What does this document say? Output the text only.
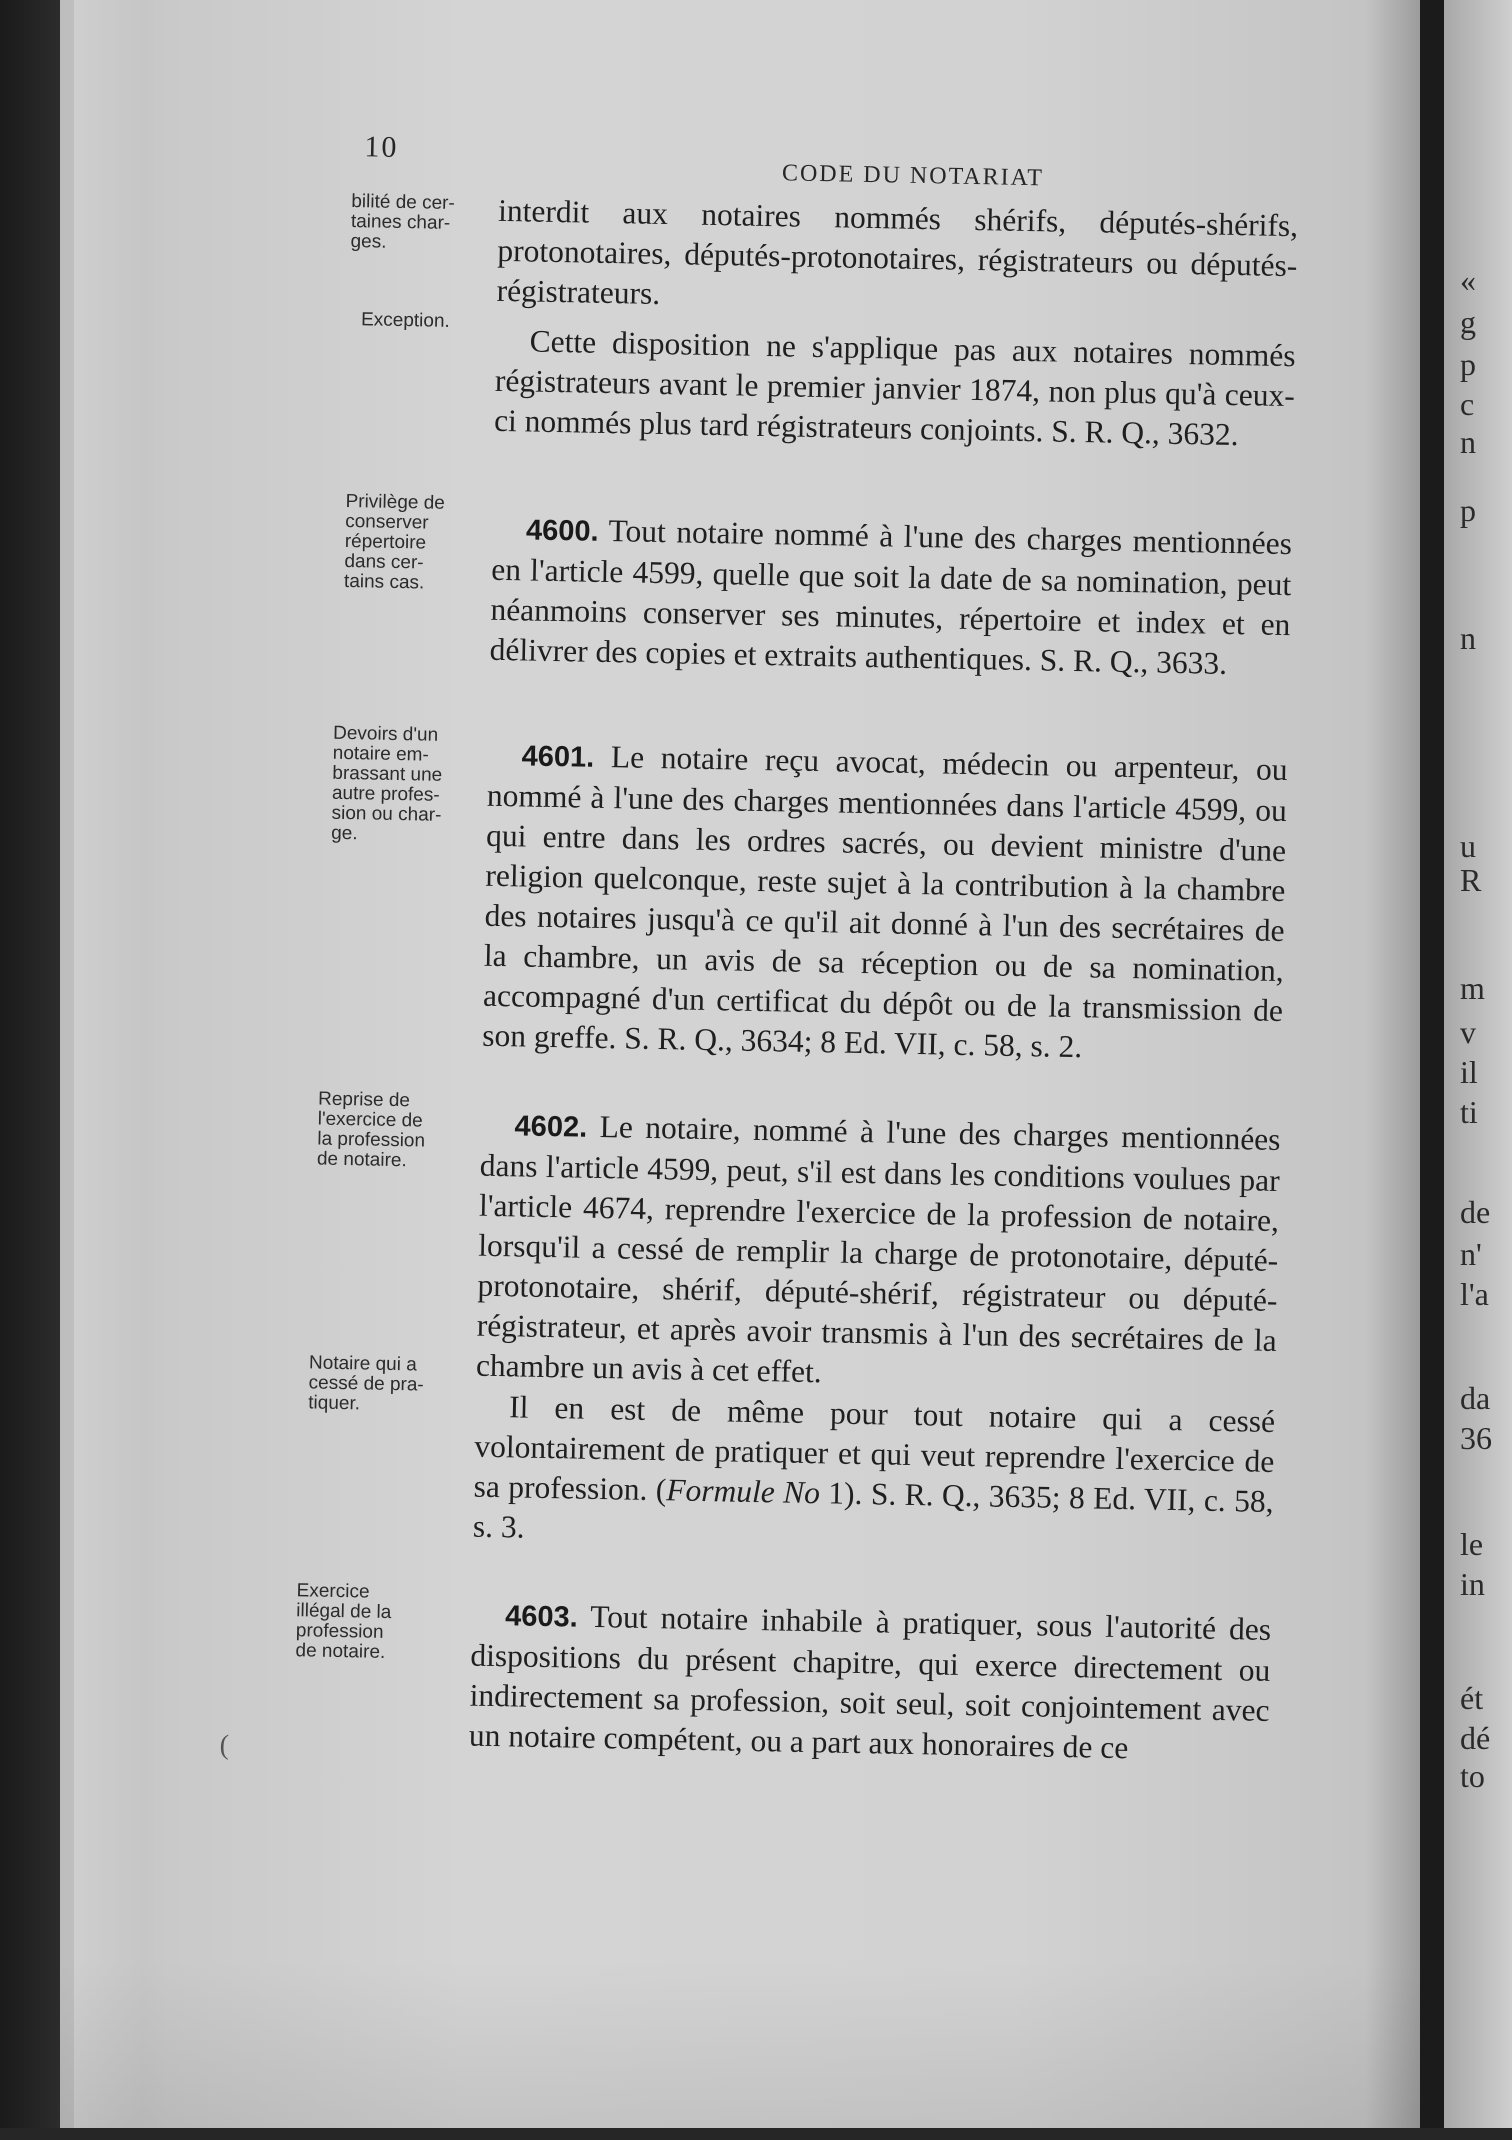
10
CODE DU NOTARIAT
bilité de cer-
taines char-
ges.
Exception.
Privilège de
conserver
répertoire
dans cer-
tains cas.
Devoirs d'un
notaire em-
brassant une
autre profes-
sion ou char-
ge.
Reprise de
l'exercice de
la profession
de notaire.
Notaire qui a
cessé de pra-
tiquer.
Exercice
illégal de la
profession
de notaire.

interdit aux notaires nommés shérifs, députés-shérifs, protonotaires, députés-protonotaires, régistrateurs ou députés-régistrateurs.

Cette disposition ne s'applique pas aux notaires nommés régistrateurs avant le premier janvier 1874, non plus qu'à ceux-ci nommés plus tard régistrateurs conjoints. S. R. Q., 3632.

4600. Tout notaire nommé à l'une des charges mentionnées en l'article 4599, quelle que soit la date de sa nomination, peut néanmoins conserver ses minutes, répertoire et index et en délivrer des copies et extraits authentiques. S. R. Q., 3633.

4601. Le notaire reçu avocat, médecin ou arpenteur, ou nommé à l'une des charges mentionnées dans l'article 4599, ou qui entre dans les ordres sacrés, ou devient ministre d'une religion quelconque, reste sujet à la contribution à la chambre des notaires jusqu'à ce qu'il ait donné à l'un des secrétaires de la chambre, un avis de sa réception ou de sa nomination, accompagné d'un certificat du dépôt ou de la transmission de son greffe. S. R. Q., 3634; 8 Ed. VII, c. 58, s. 2.

4602. Le notaire, nommé à l'une des charges mentionnées dans l'article 4599, peut, s'il est dans les conditions voulues par l'article 4674, reprendre l'exercice de la profession de notaire, lorsqu'il a cessé de remplir la charge de protonotaire, député-protonotaire, shérif, député-shérif, régistrateur ou député-régistrateur, et après avoir transmis à l'un des secrétaires de la chambre un avis à cet effet.

Il en est de même pour tout notaire qui a cessé volontairement de pratiquer et qui veut reprendre l'exercice de sa profession. (Formule No 1). S. R. Q., 3635; 8 Ed. VII, c. 58, s. 3.

4603. Tout notaire inhabile à pratiquer, sous l'autorité des dispositions du présent chapitre, qui exerce directement ou indirectement sa profession, soit seul, soit conjointement avec un notaire compétent, ou a part aux honoraires de ce

(
«
g
p
c
n
p
n
u
R
m
v
il
ti
de
n'
l'a
da
36
le
in
ét
dé
to
